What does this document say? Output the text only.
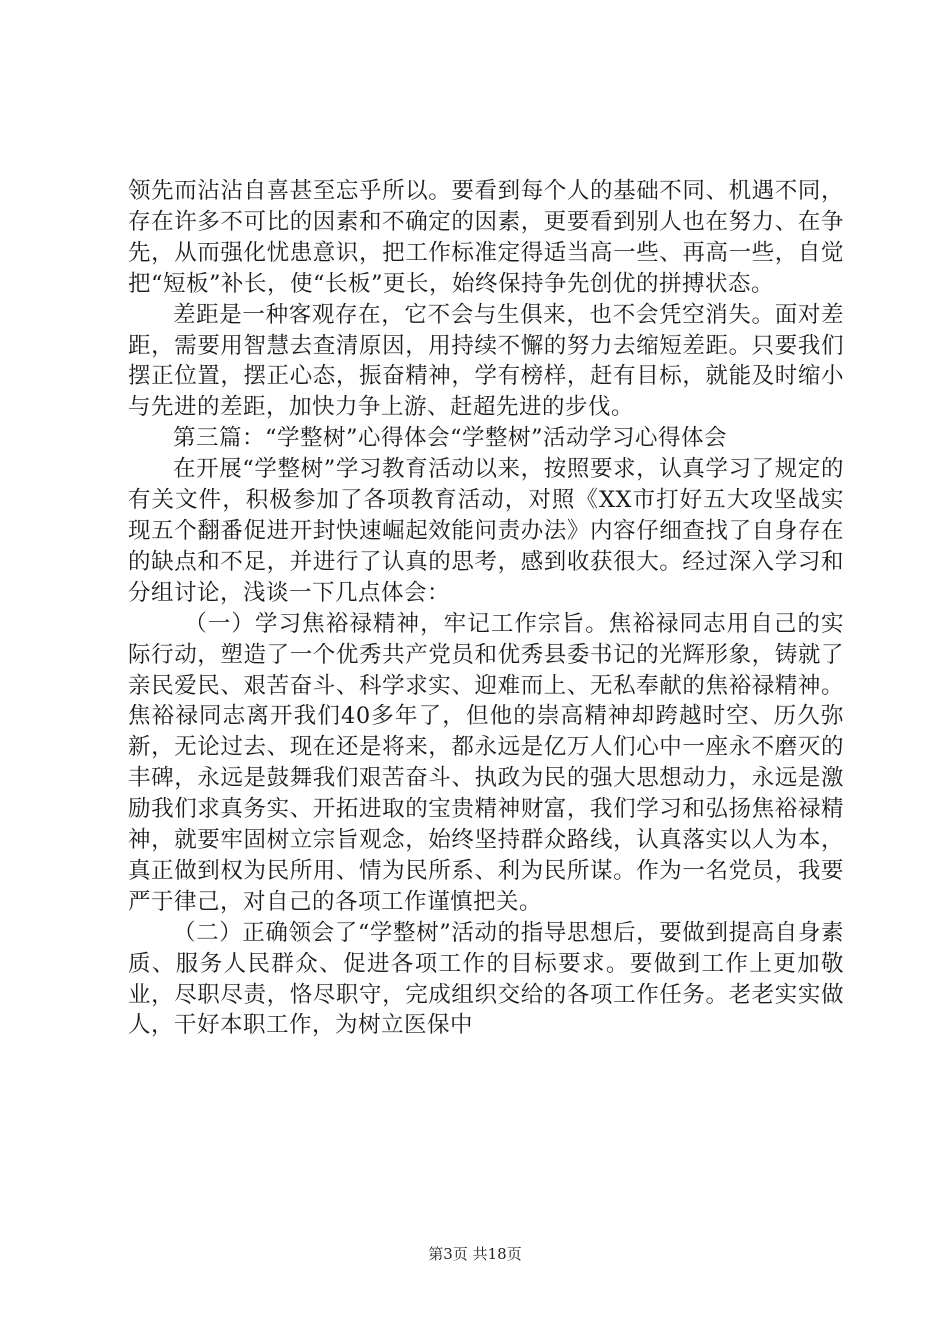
领先而沾沾自喜甚至忘乎所以。要看到每个人的基础不同、机遇不同，存在许多不可比的因素和不确定的因素，更要看到别人也在努力、在争先，从而强化忧患意识，把工作标准定得适当高一些、再高一些，自觉把“短板”补长，使“长板”更长，始终保持争先创优的拼搏状态。

差距是一种客观存在，它不会与生俱来，也不会凭空消失。面对差距，需要用智慧去查清原因，用持续不懈的努力去缩短差距。只要我们摆正位置，摆正心态，振奋精神，学有榜样，赶有目标，就能及时缩小与先进的差距，加快力争上游、赶超先进的步伐。

第三篇：“学整树”心得体会“学整树”活动学习心得体会

在开展“学整树”学习教育活动以来，按照要求，认真学习了规定的有关文件，积极参加了各项教育活动，对照《XX市打好五大攻坚战实现五个翻番促进开封快速崛起效能问责办法》内容仔细查找了自身存在的缺点和不足，并进行了认真的思考，感到收获很大。经过深入学习和分组讨论，浅谈一下几点体会：

（一）学习焦裕禄精神，牢记工作宗旨。焦裕禄同志用自己的实际行动，塑造了一个优秀共产党员和优秀县委书记的光辉形象，铸就了亲民爱民、艰苦奋斗、科学求实、迎难而上、无私奉献的焦裕禄精神。焦裕禄同志离开我们40多年了，但他的崇高精神却跨越时空、历久弥新，无论过去、现在还是将来，都永远是亿万人们心中一座永不磨灭的丰碑，永远是鼓舞我们艰苦奋斗、执政为民的强大思想动力，永远是激励我们求真务实、开拓进取的宝贵精神财富，我们学习和弘扬焦裕禄精神，就要牢固树立宗旨观念，始终坚持群众路线，认真落实以人为本，真正做到权为民所用、情为民所系、利为民所谋。作为一名党员，我要严于律己，对自己的各项工作谨慎把关。

（二）正确领会了“学整树”活动的指导思想后，要做到提高自身素质、服务人民群众、促进各项工作的目标要求。要做到工作上更加敬业，尽职尽责，恪尽职守，完成组织交给的各项工作任务。老老实实做人，干好本职工作，为树立医保中

第3页 共18页
